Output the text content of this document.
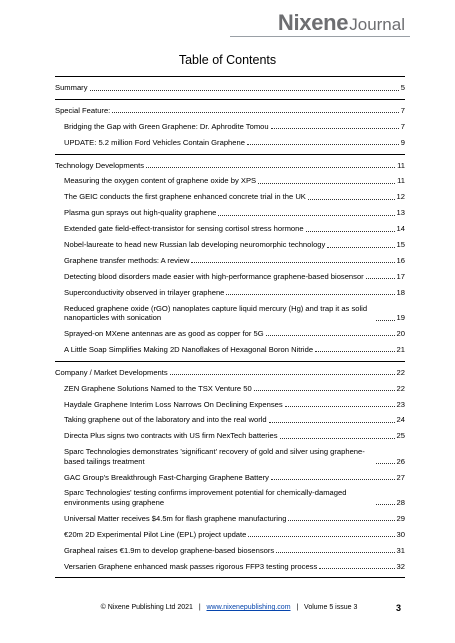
Nixene Journal
Table of Contents
Summary	5
Special Feature:	7
Bridging the Gap with Green Graphene: Dr. Aphrodite Tomou	7
UPDATE: 5.2 million Ford Vehicles Contain Graphene	9
Technology Developments	11
Measuring the oxygen content of graphene oxide by XPS	11
The GEIC conducts the first graphene enhanced concrete trial in the UK	12
Plasma gun sprays out high-quality graphene	13
Extended gate field-effect-transistor for sensing cortisol stress hormone	14
Nobel-laureate to head new Russian lab developing neuromorphic technology	15
Graphene transfer methods: A review	16
Detecting blood disorders made easier with high-performance graphene-based biosensor	17
Superconductivity observed in trilayer graphene	18
Reduced graphene oxide (rGO) nanoplates capture liquid mercury (Hg) and trap it as solid nanoparticles with sonication	19
Sprayed-on MXene antennas are as good as copper for 5G	20
A Little Soap Simplifies Making 2D Nanoflakes of Hexagonal Boron Nitride	21
Company / Market Developments	22
ZEN Graphene Solutions Named to the TSX Venture 50	22
Haydale Graphene Interim Loss Narrows On Declining Expenses	23
Taking graphene out of the laboratory and into the real world	24
Directa Plus signs two contracts with US firm NexTech batteries	25
Sparc Technologies demonstrates 'significant' recovery of gold and silver using graphene-based tailings treatment	26
GAC Group's Breakthrough Fast-Charging Graphene Battery	27
Sparc Technologies' testing confirms improvement potential for chemically-damaged environments using graphene	28
Universal Matter receives $4.5m for flash graphene manufacturing	29
€20m 2D Experimental Pilot Line (EPL) project update	30
Grapheal raises €1.9m to develop graphene-based biosensors	31
Versarien Graphene enhanced mask passes rigorous FFP3 testing process	32
© Nixene Publishing Ltd 2021 | www.nixenepublishing.com | Volume 5 issue 3	3
